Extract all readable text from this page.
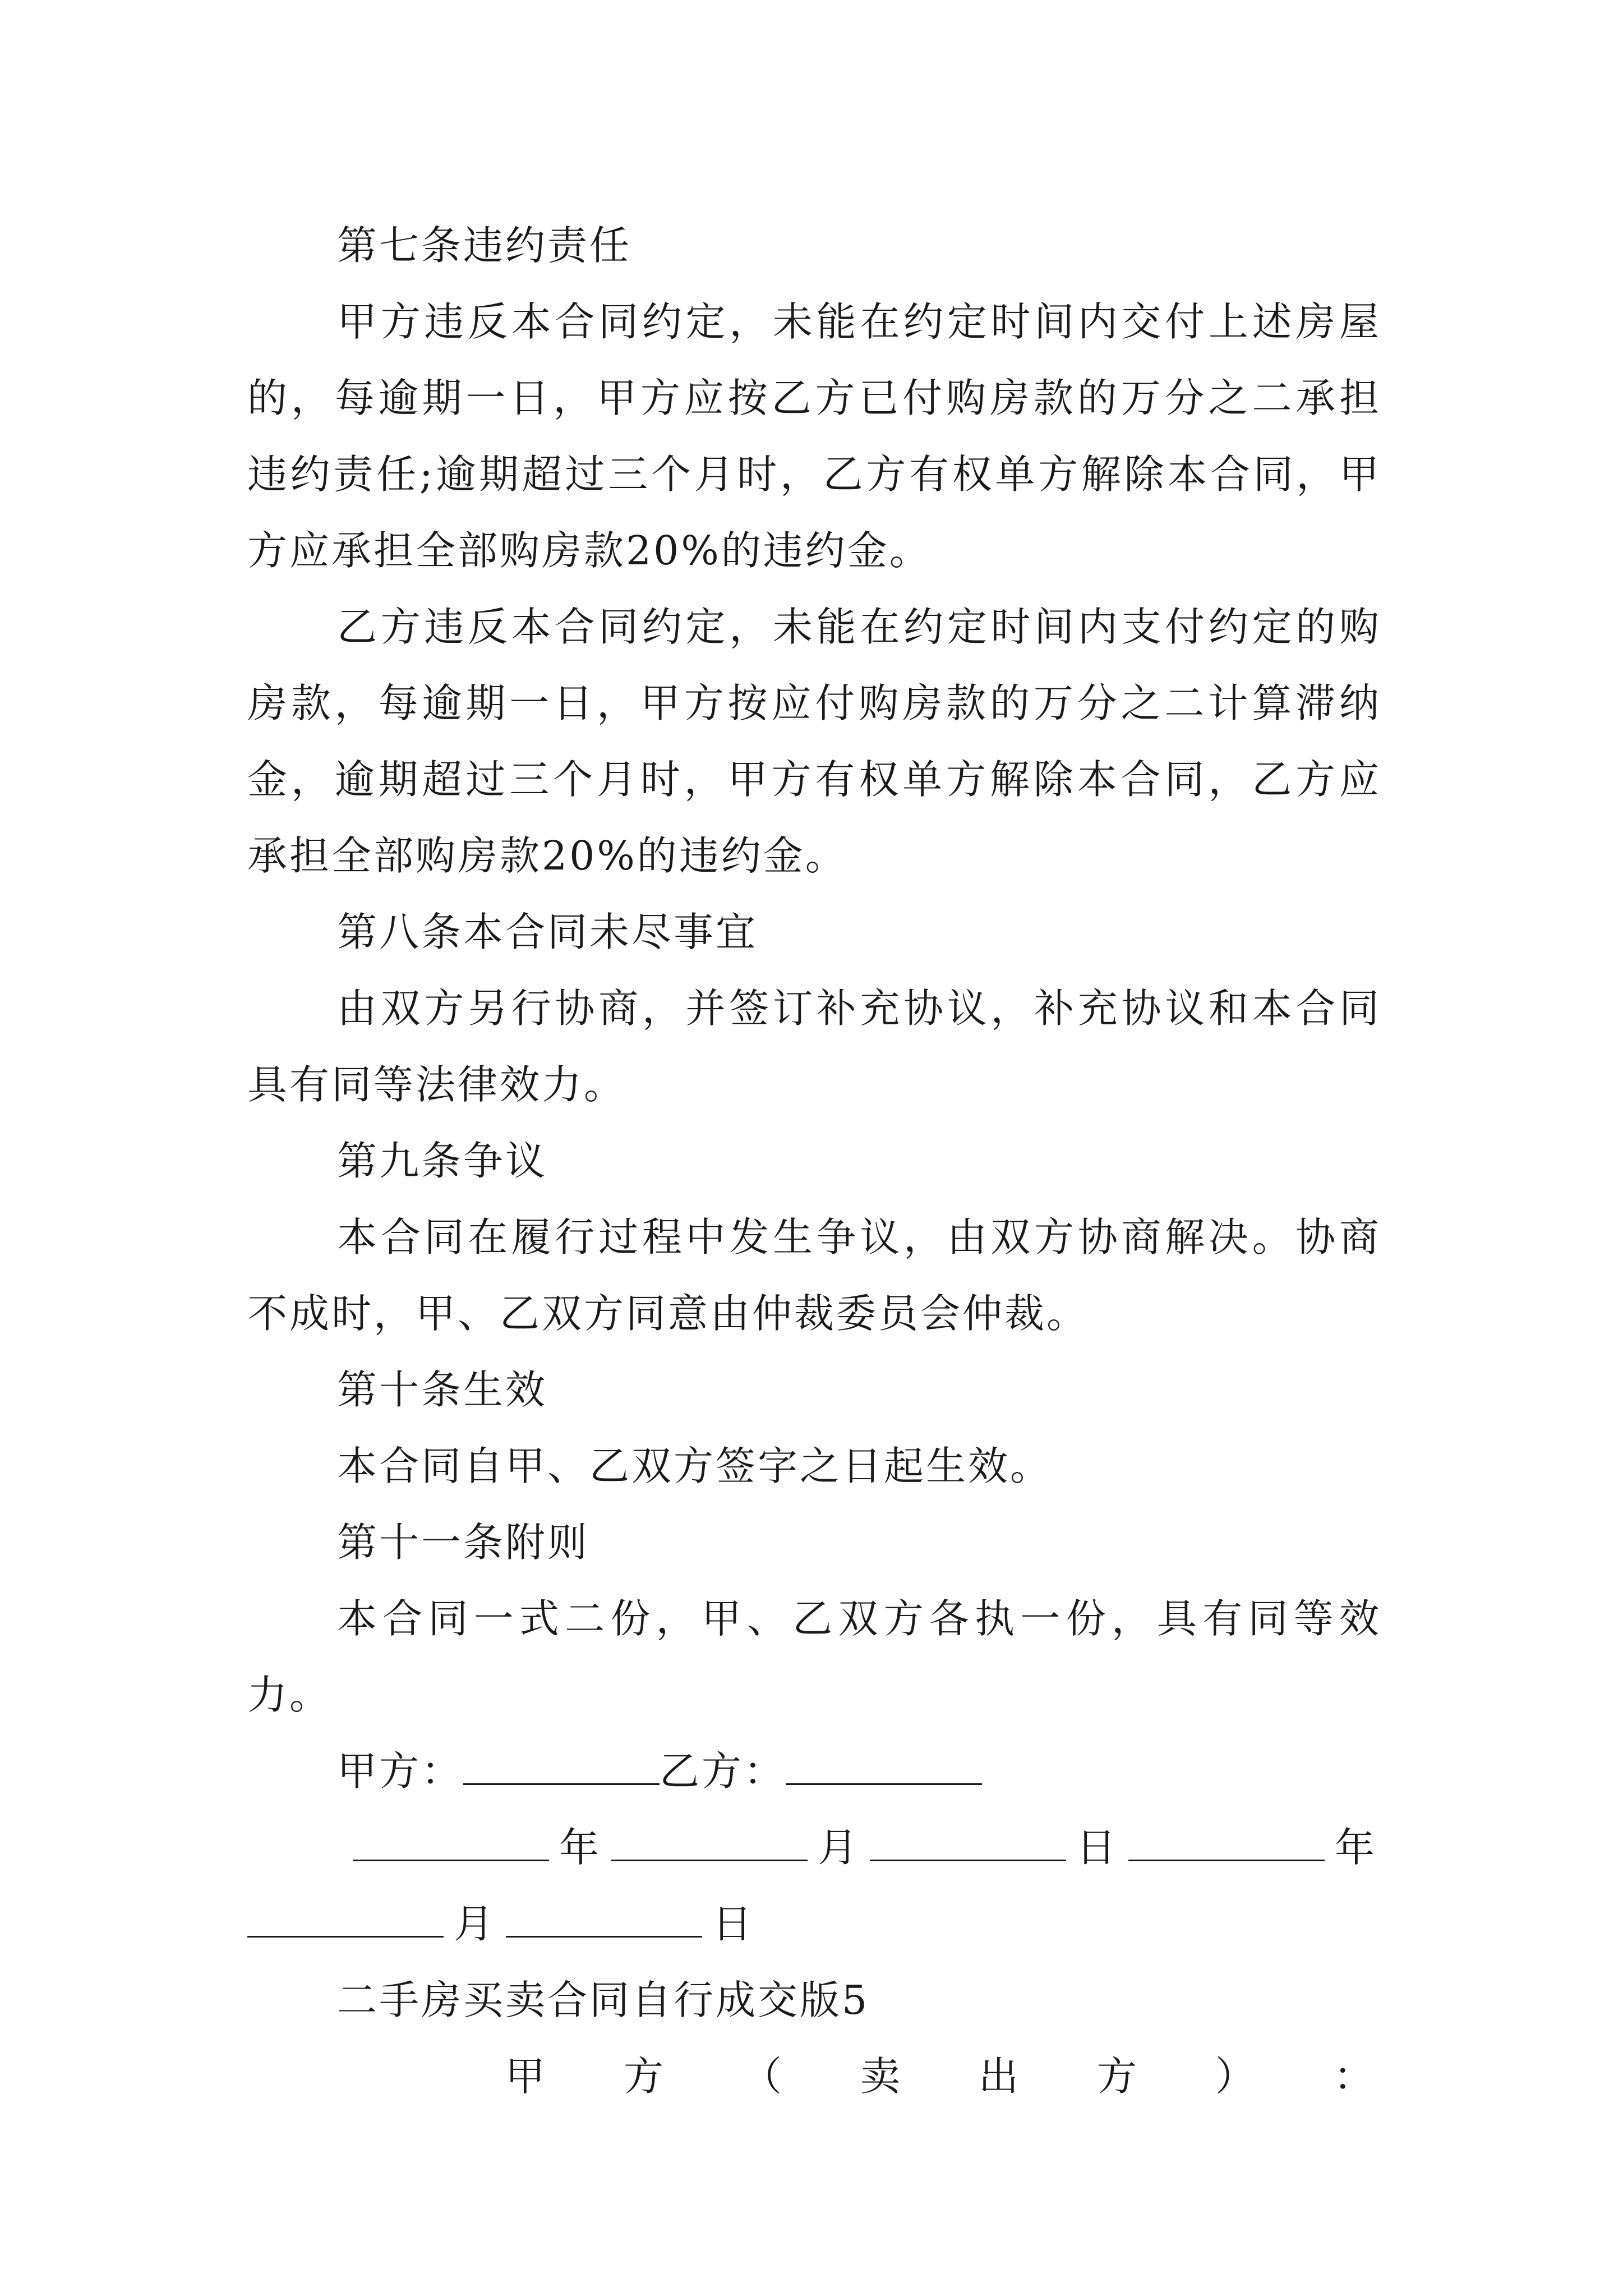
第七条违约责任

甲方违反本合同约定，未能在约定时间内交付上述房屋的，每逾期一日，甲方应按乙方已付购房款的万分之二承担违约责任;逾期超过三个月时，乙方有权单方解除本合同，甲方应承担全部购房款20%的违约金。

乙方违反本合同约定，未能在约定时间内支付约定的购房款，每逾期一日，甲方按应付购房款的万分之二计算滞纳金，逾期超过三个月时，甲方有权单方解除本合同，乙方应承担全部购房款20%的违约金。

第八条本合同未尽事宜

由双方另行协商，并签订补充协议，补充协议和本合同具有同等法律效力。

第九条争议

本合同在履行过程中发生争议，由双方协商解决。协商不成时，甲、乙双方同意由仲裁委员会仲裁。

第十条生效

本合同自甲、乙双方签字之日起生效。

第十一条附则

本合同一式二份，甲、乙双方各执一份，具有同等效力。

甲方：	乙方：

年	月	日	年

月	日

二手房买卖合同自行成交版5

甲 方 （ 卖 出 方 ） ：
